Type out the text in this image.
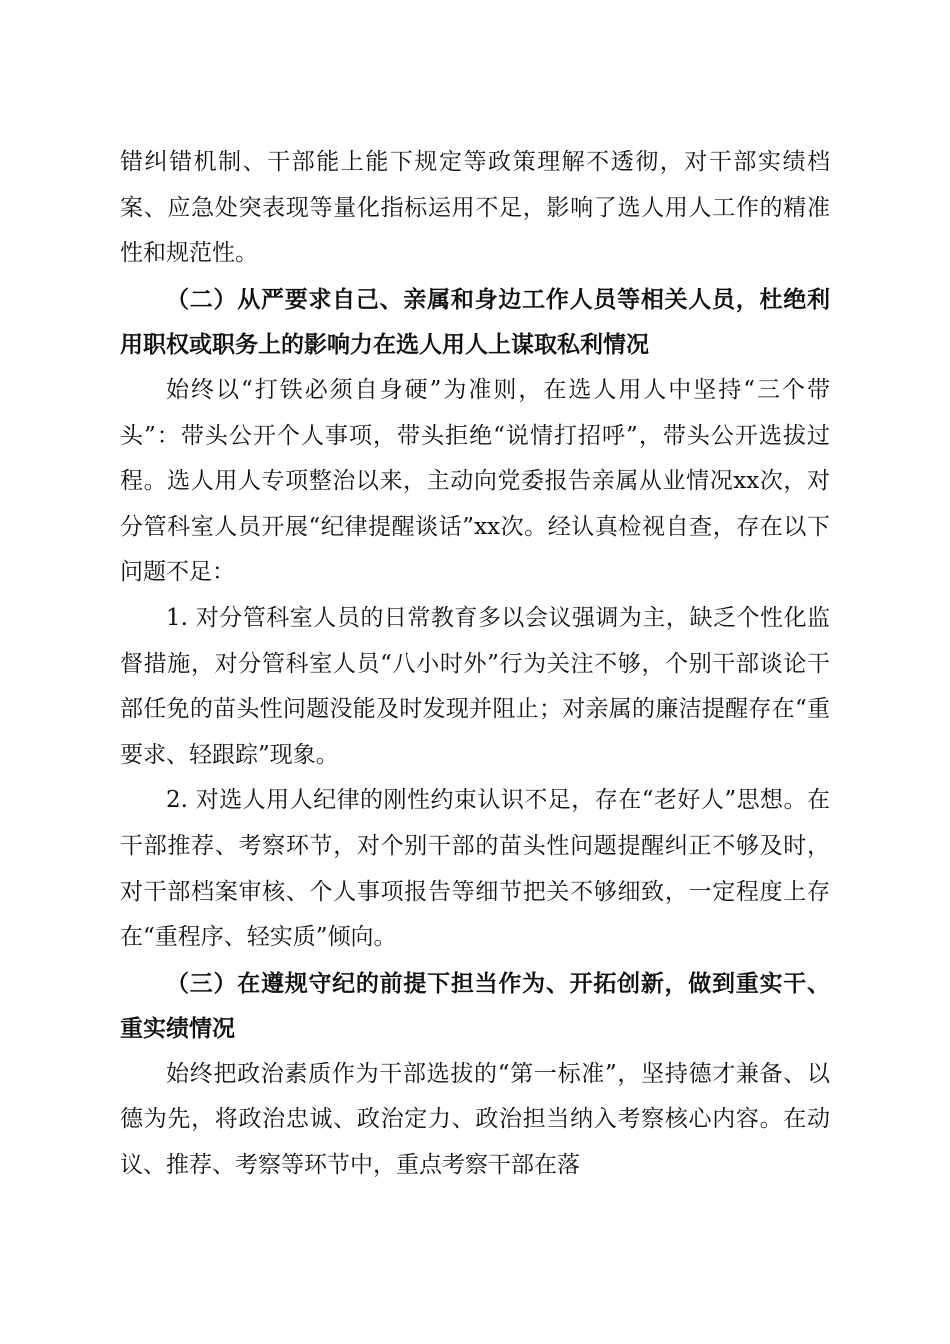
错纠错机制、干部能上能下规定等政策理解不透彻，对干部实绩档案、应急处突表现等量化指标运用不足，影响了选人用人工作的精准性和规范性。

（二）从严要求自己、亲属和身边工作人员等相关人员，杜绝利用职权或职务上的影响力在选人用人上谋取私利情况

始终以“打铁必须自身硬”为准则，在选人用人中坚持“三个带头”：带头公开个人事项，带头拒绝“说情打招呼”，带头公开选拔过程。选人用人专项整治以来，主动向党委报告亲属从业情况xx次，对分管科室人员开展“纪律提醒谈话”xx次。经认真检视自查，存在以下问题不足：

1. 对分管科室人员的日常教育多以会议强调为主，缺乏个性化监督措施，对分管科室人员“八小时外”行为关注不够，个别干部谈论干部任免的苗头性问题没能及时发现并阻止；对亲属的廉洁提醒存在“重要求、轻跟踪”现象。

2. 对选人用人纪律的刚性约束认识不足，存在“老好人”思想。在干部推荐、考察环节，对个别干部的苗头性问题提醒纠正不够及时，对干部档案审核、个人事项报告等细节把关不够细致，一定程度上存在“重程序、轻实质”倾向。

（三）在遵规守纪的前提下担当作为、开拓创新，做到重实干、重实绩情况

始终把政治素质作为干部选拔的“第一标准”，坚持德才兼备、以德为先，将政治忠诚、政治定力、政治担当纳入考察核心内容。在动议、推荐、考察等环节中，重点考察干部在落
